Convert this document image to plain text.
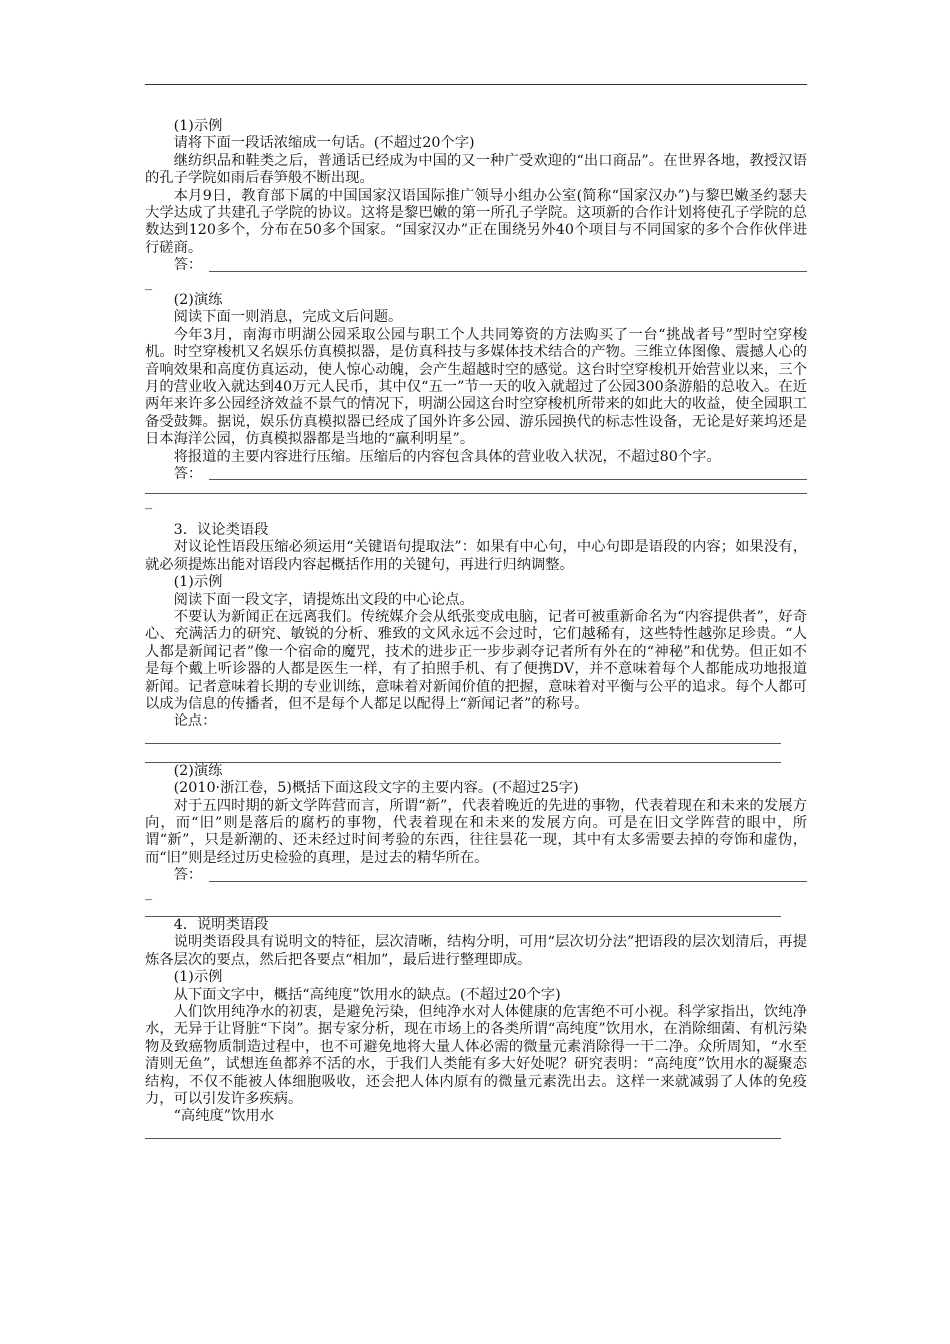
(1)示例

请将下面一段话浓缩成一句话。(不超过20个字)

继纺织品和鞋类之后，普通话已经成为中国的又一种广受欢迎的“出口商品”。在世界各地，教授汉语的孔子学院如雨后春笋般不断出现。

本月9日，教育部下属的中国国家汉语国际推广领导小组办公室(简称“国家汉办”)与黎巴嫩圣约瑟夫大学达成了共建孔子学院的协议。这将是黎巴嫩的第一所孔子学院。这项新的合作计划将使孔子学院的总数达到120多个，分布在50多个国家。“国家汉办”正在围绕另外40个项目与不同国家的多个合作伙伴进行磋商。

答：
_

(2)演练

阅读下面一则消息，完成文后问题。

今年3月，南海市明湖公园采取公园与职工个人共同筹资的方法购买了一台“挑战者号”型时空穿梭机。时空穿梭机又名娱乐仿真模拟器，是仿真科技与多媒体技术结合的产物。三维立体图像、震撼人心的音响效果和高度仿真运动，使人惊心动魄，会产生超越时空的感觉。这台时空穿梭机开始营业以来，三个月的营业收入就达到40万元人民币，其中仅“五一”节一天的收入就超过了公园300条游船的总收入。在近两年来许多公园经济效益不景气的情况下，明湖公园这台时空穿梭机所带来的如此大的收益，使全园职工备受鼓舞。据说，娱乐仿真模拟器已经成了国外许多公园、游乐园换代的标志性设备，无论是好莱坞还是日本海洋公园，仿真模拟器都是当地的“赢利明星”。

将报道的主要内容进行压缩。压缩后的内容包含具体的营业收入状况，不超过80个字。

答：
_

3．议论类语段

对议论性语段压缩必须运用“关键语句提取法”：如果有中心句，中心句即是语段的内容；如果没有，就必须提炼出能对语段内容起概括作用的关键句，再进行归纳调整。

(1)示例

阅读下面一段文字，请提炼出文段的中心论点。

不要认为新闻正在远离我们。传统媒介会从纸张变成电脑，记者可被重新命名为“内容提供者”，好奇心、充满活力的研究、敏锐的分析、雅致的文风永远不会过时，它们越稀有，这些特性越弥足珍贵。“人人都是新闻记者”像一个宿命的魔咒，技术的进步正一步步剥夺记者所有外在的“神秘”和优势。但正如不是每个戴上听诊器的人都是医生一样，有了拍照手机、有了便携DV，并不意味着每个人都能成功地报道新闻。记者意味着长期的专业训练，意味着对新闻价值的把握，意味着对平衡与公平的追求。每个人都可以成为信息的传播者，但不是每个人都足以配得上“新闻记者”的称号。

论点：

(2)演练

(2010·浙江卷，5)概括下面这段文字的主要内容。(不超过25字)

对于五四时期的新文学阵营而言，所谓“新”，代表着晚近的先进的事物，代表着现在和未来的发展方向，而“旧”则是落后的腐朽的事物，代表着现在和未来的发展方向。可是在旧文学阵营的眼中，所谓“新”，只是新潮的、还未经过时间考验的东西，往往昙花一现，其中有太多需要去掉的夸饰和虚伪，而“旧”则是经过历史检验的真理，是过去的精华所在。

答：
_

4．说明类语段

说明类语段具有说明文的特征，层次清晰，结构分明，可用“层次切分法”把语段的层次划清后，再提炼各层次的要点，然后把各要点“相加”，最后进行整理即成。

(1)示例

从下面文字中，概括“高纯度”饮用水的缺点。(不超过20个字)

人们饮用纯净水的初衷，是避免污染，但纯净水对人体健康的危害绝不可小视。科学家指出，饮纯净水，无异于让肾脏“下岗”。据专家分析，现在市场上的各类所谓“高纯度”饮用水，在消除细菌、有机污染物及致癌物质制造过程中，也不可避免地将大量人体必需的微量元素消除得一干二净。众所周知，“水至清则无鱼”，试想连鱼都养不活的水，于我们人类能有多大好处呢？研究表明：“高纯度”饮用水的凝聚态结构，不仅不能被人体细胞吸收，还会把人体内原有的微量元素洗出去。这样一来就减弱了人体的免疫力，可以引发许多疾病。

“高纯度”饮用水
